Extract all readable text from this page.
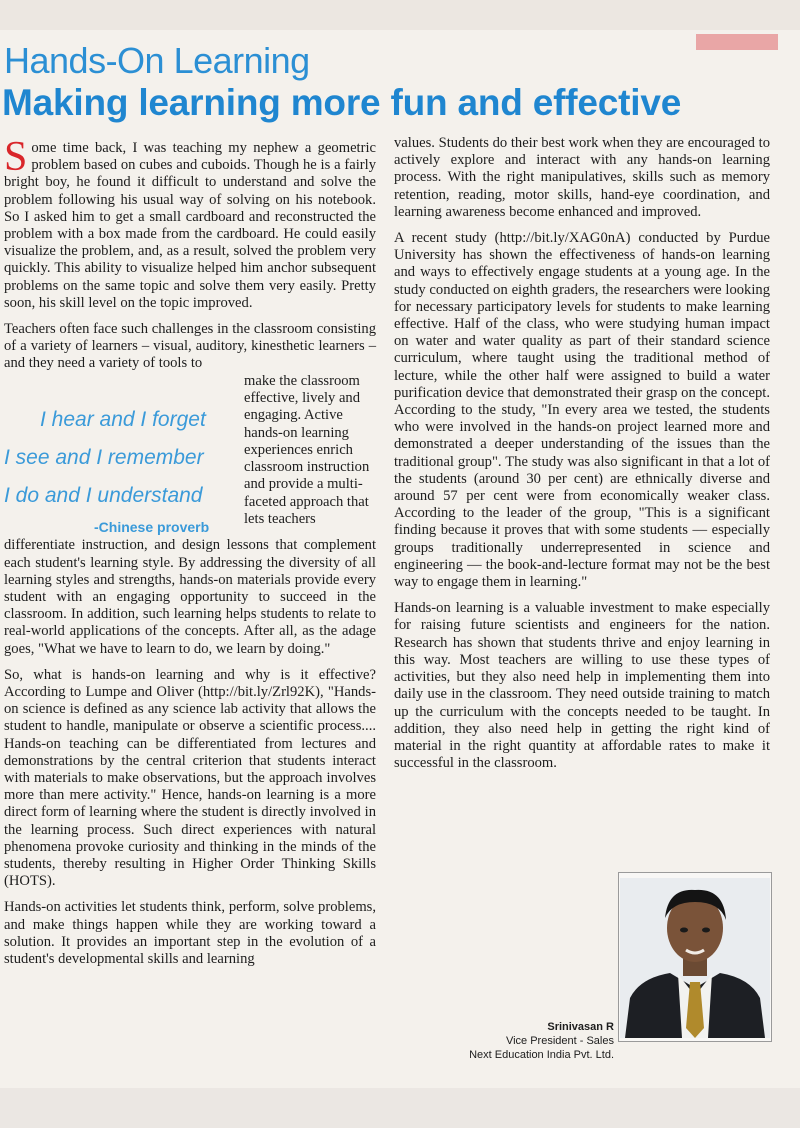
Hands-On Learning
Making learning more fun and effective

Some time back, I was teaching my nephew a geometric problem based on cubes and cuboids. Though he is a fairly bright boy, he found it difficult to understand and solve the problem following his usual way of solving on his notebook. So I asked him to get a small cardboard and reconstructed the problem with a box made from the cardboard. He could easily visualize the problem, and, as a result, solved the problem very quickly. This ability to visualize helped him anchor subsequent problems on the same topic and solve them very easily. Pretty soon, his skill level on the topic improved.

Teachers often face such challenges in the classroom consisting of a variety of learners – visual, auditory, kinesthetic learners – and they need a variety of tools to

I hear and I forget
I see and I remember
I do and I understand
-Chinese proverb

make the classroom effective, lively and engaging. Active hands-on learning experiences enrich classroom instruction and provide a multi-faceted approach that lets teachers

differentiate instruction, and design lessons that complement each student's learning style. By addressing the diversity of all learning styles and strengths, hands-on materials provide every student with an engaging opportunity to succeed in the classroom. In addition, such learning helps students to relate to real-world applications of the concepts. After all, as the adage goes, "What we have to learn to do, we learn by doing."

So, what is hands-on learning and why is it effective? According to Lumpe and Oliver (http://bit.ly/Zrl92K), "Hands-on science is defined as any science lab activity that allows the student to handle, manipulate or observe a scientific process.... Hands-on teaching can be differentiated from lectures and demonstrations by the central criterion that students interact with materials to make observations, but the approach involves more than mere activity." Hence, hands-on learning is a more direct form of learning where the student is directly involved in the learning process. Such direct experiences with natural phenomena provoke curiosity and thinking in the minds of the students, thereby resulting in Higher Order Thinking Skills (HOTS).

Hands-on activities let students think, perform, solve problems, and make things happen while they are working toward a solution. It provides an important step in the evolution of a student's developmental skills and learning

values. Students do their best work when they are encouraged to actively explore and interact with any hands-on learning process. With the right manipulatives, skills such as memory retention, reading, motor skills, hand-eye coordination, and learning awareness become enhanced and improved.

A recent study (http://bit.ly/XAG0nA) conducted by Purdue University has shown the effectiveness of hands-on learning and ways to effectively engage students at a young age. In the study conducted on eighth graders, the researchers were looking for necessary participatory levels for students to make learning effective. Half of the class, who were studying human impact on water and water quality as part of their standard science curriculum, where taught using the traditional method of lecture, while the other half were assigned to build a water purification device that demonstrated their grasp on the concept. According to the study, "In every area we tested, the students who were involved in the hands-on project learned more and demonstrated a deeper understanding of the issues than the traditional group". The study was also significant in that a lot of the students (around 30 per cent) are ethnically diverse and around 57 per cent were from economically weaker class. According to the leader of the group, "This is a significant finding because it proves that with some students — especially groups traditionally underrepresented in science and engineering — the book-and-lecture format may not be the best way to engage them in learning."

Hands-on learning is a valuable investment to make especially for raising future scientists and engineers for the nation. Research has shown that students thrive and enjoy learning in this way. Most teachers are willing to use these types of activities, but they also need help in implementing them into daily use in the classroom. They need outside training to match up the curriculum with the concepts needed to be taught. In addition, they also need help in getting the right kind of material in the right quantity at affordable rates to make it successful in the classroom.

Srinivasan R
Vice President - Sales
Next Education India Pvt. Ltd.
